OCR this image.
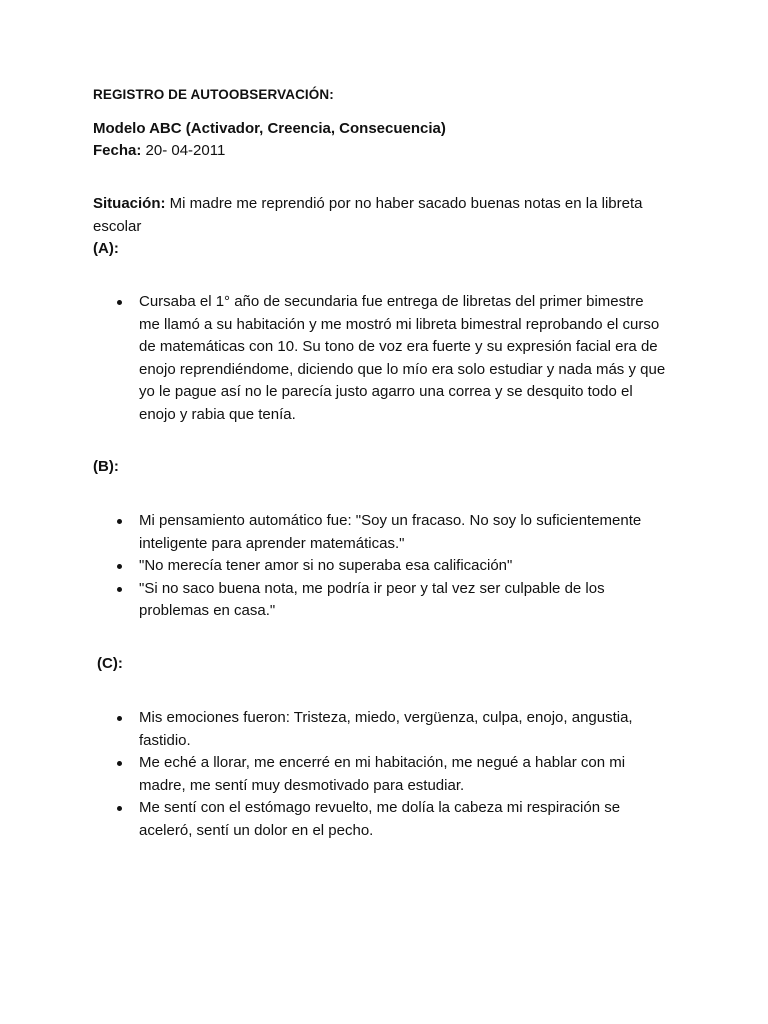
REGISTRO DE AUTOOBSERVACIÓN:
Modelo ABC (Activador, Creencia, Consecuencia)
Fecha: 20- 04-2011
Situación: Mi madre me reprendió por no haber sacado buenas notas en la libreta escolar
(A):
Cursaba el 1° año de secundaria fue entrega de libretas del primer bimestre me llamó a su habitación y me mostró mi libreta bimestral reprobando el curso de matemáticas con 10. Su tono de voz era fuerte y su expresión facial era de enojo reprendiéndome, diciendo que lo mío era solo estudiar y nada más y que yo le pague así no le parecía justo agarro una correa y se desquito todo el enojo y rabia que tenía.
(B):
Mi pensamiento automático fue: "Soy un fracaso. No soy lo suficientemente inteligente para aprender matemáticas."
"No merecía tener amor si no superaba esa calificación"
"Si no saco buena nota, me podría ir peor y tal vez ser culpable de los problemas en casa."
(C):
Mis emociones fueron: Tristeza, miedo, vergüenza, culpa, enojo, angustia, fastidio.
Me eché a llorar, me encerré en mi habitación, me negué a hablar con mi madre, me sentí muy desmotivado para estudiar.
Me sentí con el estómago revuelto, me dolía la cabeza mi respiración se aceleró, sentí un dolor en el pecho.
